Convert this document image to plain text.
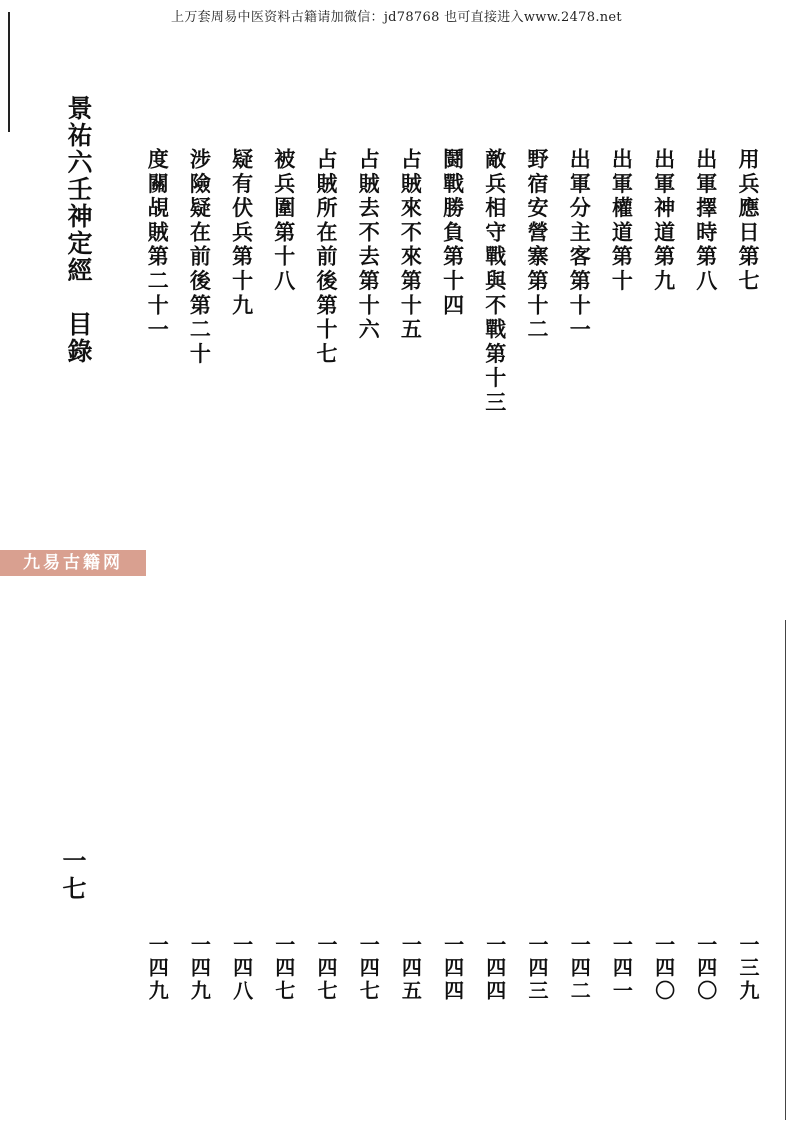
上万套周易中医资料古籍请加微信：jd78768 也可直接进入www.2478.net
景祐六壬神定經　目錄
一七
九易古籍网
用兵應日第七
一三九
出軍擇時第八
一四〇
出軍神道第九
一四〇
出軍權道第十
一四一
出軍分主客第十一
一四二
野宿安營寨第十二
一四三
敵兵相守戰與不戰第十三
一四四
鬪戰勝負第十四
一四四
占賊來不來第十五
一四五
占賊去不去第十六
一四七
占賊所在前後第十七
一四七
被兵圍第十八
一四七
疑有伏兵第十九
一四八
涉險疑在前後第二十
一四九
度關覘賊第二十一
一四九
